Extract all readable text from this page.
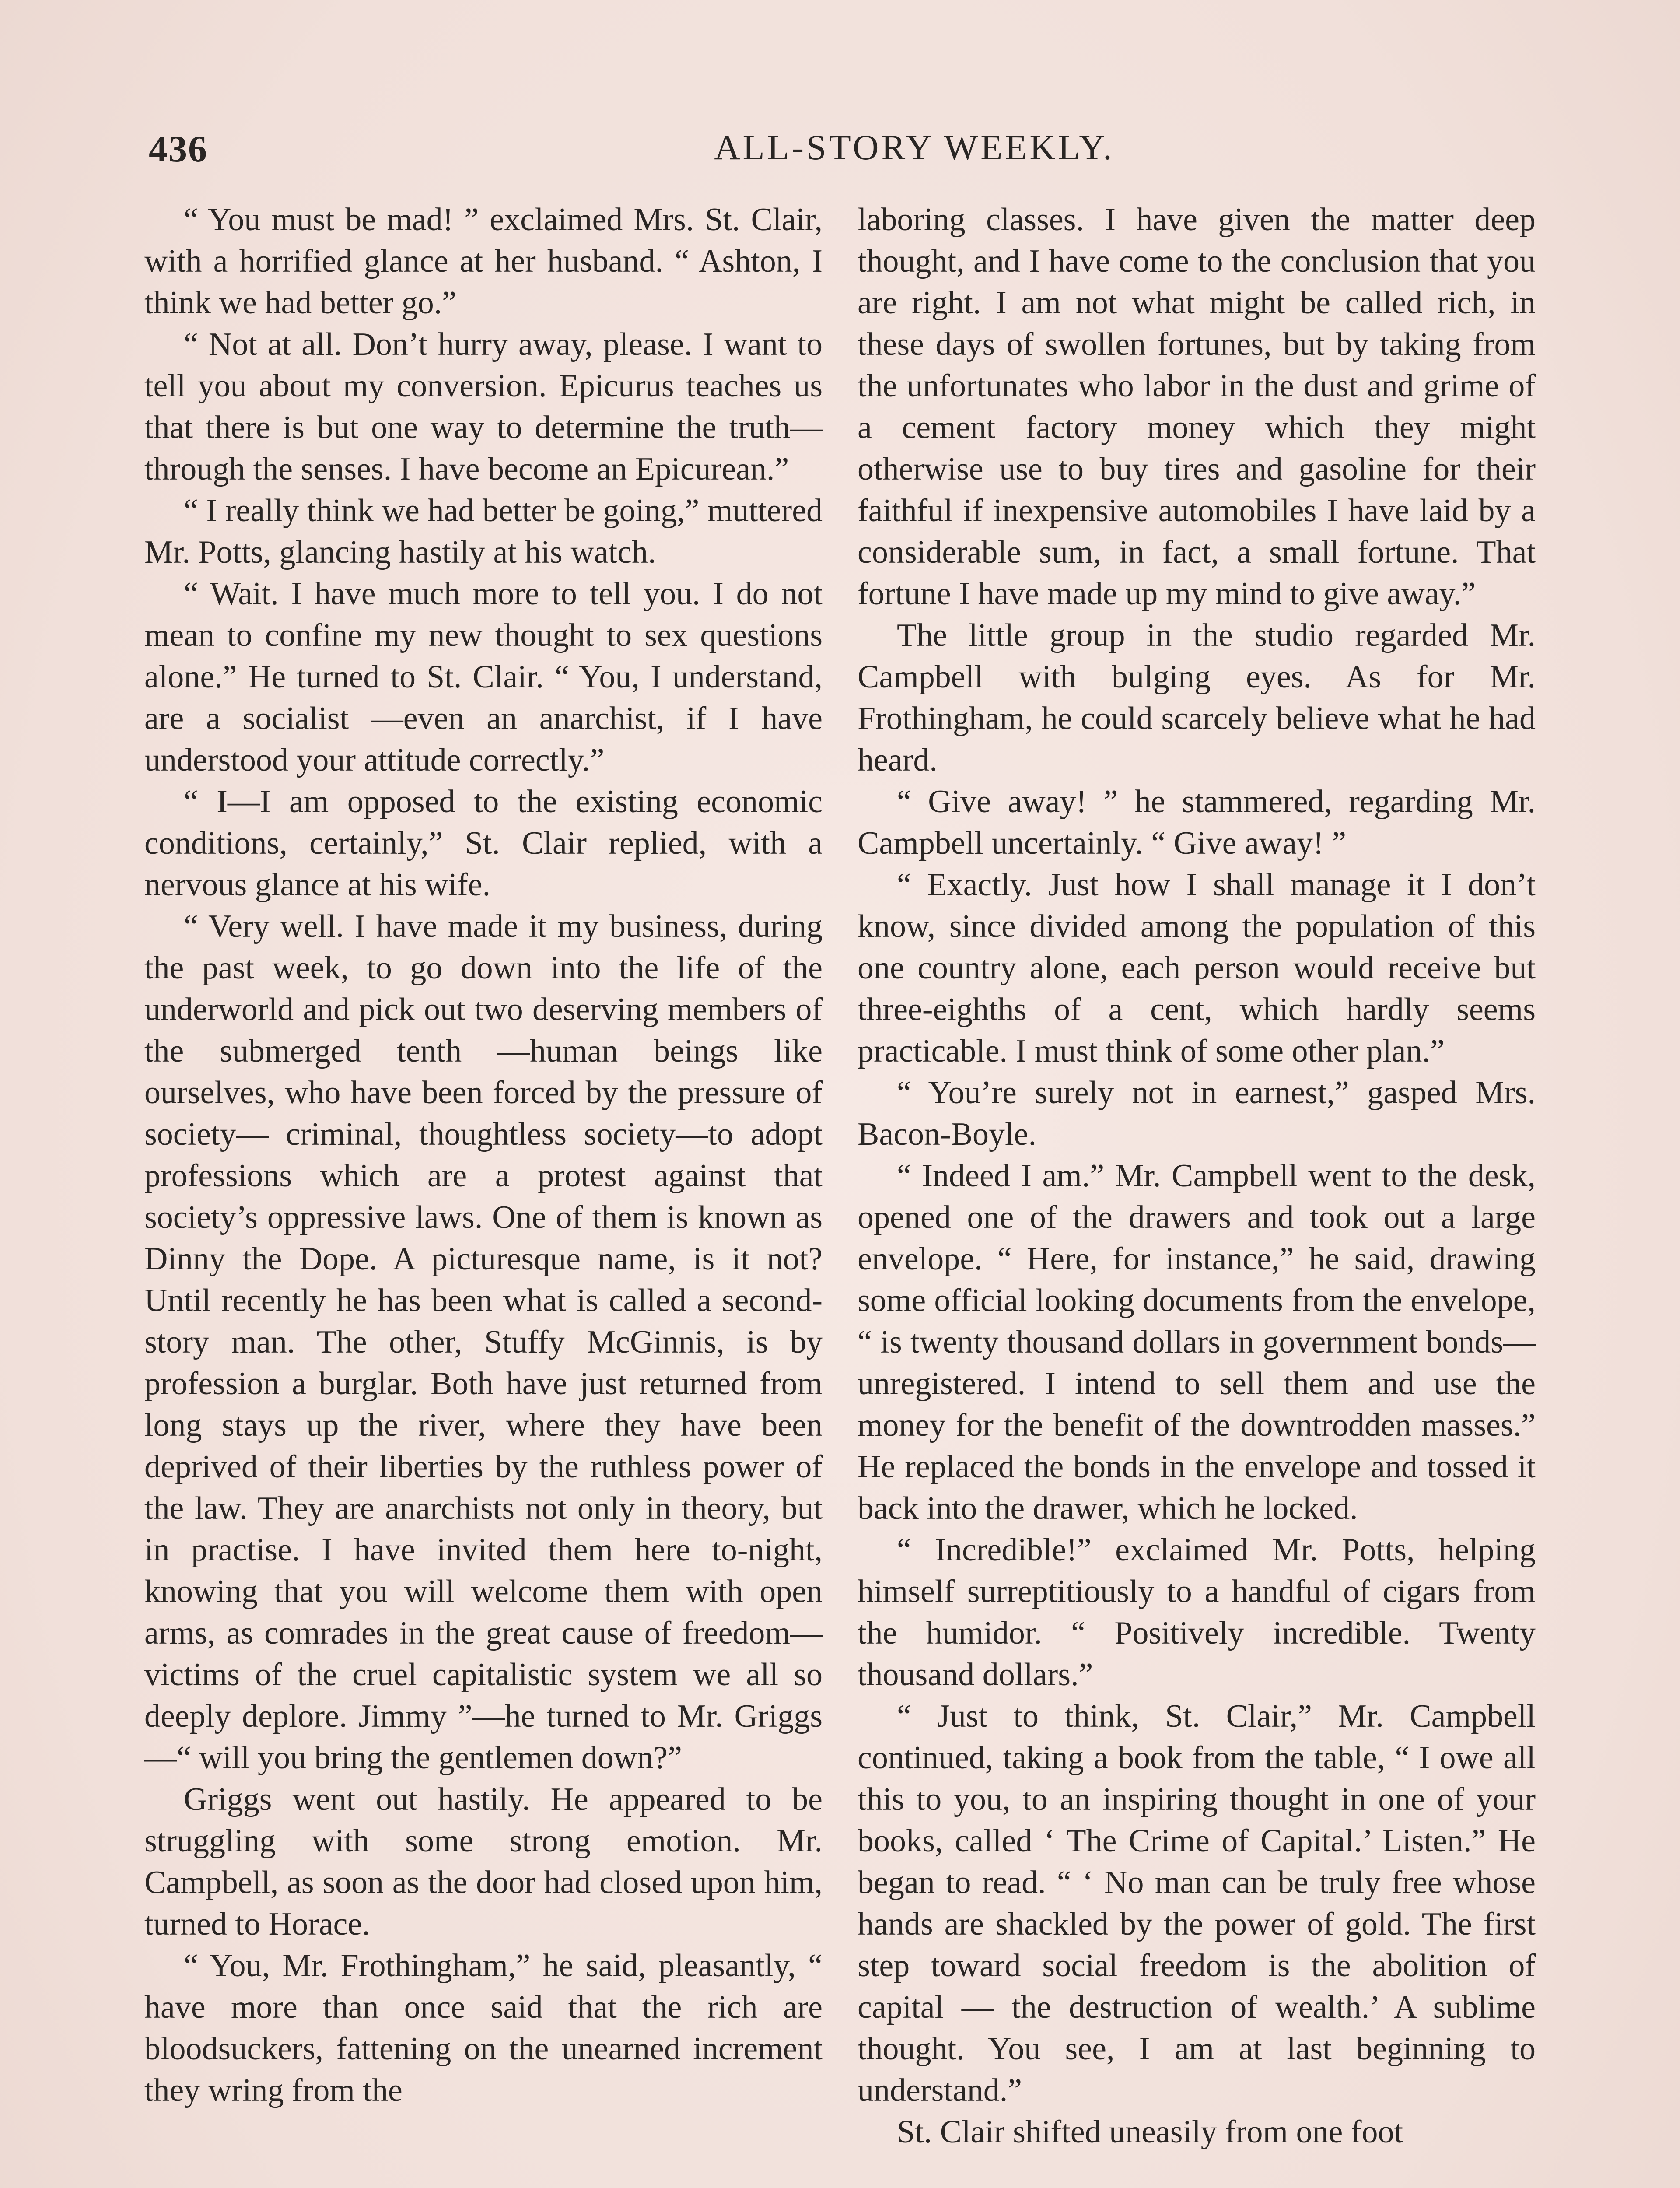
436	ALL-STORY WEEKLY.

“ You must be mad! ” exclaimed Mrs. St. Clair, with a horrified glance at her husband. “ Ashton, I think we had better go.”

“ Not at all. Don’t hurry away, please. I want to tell you about my conversion. Epicurus teaches us that there is but one way to determine the truth—through the senses. I have become an Epicurean.”

“ I really think we had better be going,” muttered Mr. Potts, glancing hastily at his watch.

“ Wait. I have much more to tell you. I do not mean to confine my new thought to sex questions alone.” He turned to St. Clair. “ You, I understand, are a socialist —even an anarchist, if I have understood your attitude correctly.”

“ I—I am opposed to the existing economic conditions, certainly,” St. Clair replied, with a nervous glance at his wife.

“ Very well. I have made it my business, during the past week, to go down into the life of the underworld and pick out two deserving members of the submerged tenth —human beings like ourselves, who have been forced by the pressure of society— criminal, thoughtless society—to adopt professions which are a protest against that society’s oppressive laws. One of them is known as Dinny the Dope. A picturesque name, is it not? Until recently he has been what is called a second-story man. The other, Stuffy McGinnis, is by profession a burglar. Both have just returned from long stays up the river, where they have been deprived of their liberties by the ruthless power of the law. They are anarchists not only in theory, but in practise. I have invited them here to-night, knowing that you will welcome them with open arms, as comrades in the great cause of freedom— victims of the cruel capitalistic system we all so deeply deplore. Jimmy ”—he turned to Mr. Griggs—“ will you bring the gentlemen down?”

Griggs went out hastily. He appeared to be struggling with some strong emotion. Mr. Campbell, as soon as the door had closed upon him, turned to Horace.

“ You, Mr. Frothingham,” he said, pleasantly, “ have more than once said that the rich are bloodsuckers, fattening on the unearned increment they wring from the

laboring classes. I have given the matter deep thought, and I have come to the conclusion that you are right. I am not what might be called rich, in these days of swollen fortunes, but by taking from the unfortunates who labor in the dust and grime of a cement factory money which they might otherwise use to buy tires and gasoline for their faithful if inexpensive automobiles I have laid by a considerable sum, in fact, a small fortune. That fortune I have made up my mind to give away.”

The little group in the studio regarded Mr. Campbell with bulging eyes. As for Mr. Frothingham, he could scarcely believe what he had heard.

“ Give away! ” he stammered, regarding Mr. Campbell uncertainly. “ Give away! ”

“ Exactly. Just how I shall manage it I don’t know, since divided among the population of this one country alone, each person would receive but three-eighths of a cent, which hardly seems practicable. I must think of some other plan.”

“ You’re surely not in earnest,” gasped Mrs. Bacon-Boyle.

“ Indeed I am.” Mr. Campbell went to the desk, opened one of the drawers and took out a large envelope. “ Here, for instance,” he said, drawing some official looking documents from the envelope, “ is twenty thousand dollars in government bonds— unregistered. I intend to sell them and use the money for the benefit of the downtrodden masses.” He replaced the bonds in the envelope and tossed it back into the drawer, which he locked.

“ Incredible!” exclaimed Mr. Potts, helping himself surreptitiously to a handful of cigars from the humidor. “ Positively incredible. Twenty thousand dollars.”

“ Just to think, St. Clair,” Mr. Campbell continued, taking a book from the table, “ I owe all this to you, to an inspiring thought in one of your books, called ‘ The Crime of Capital.’ Listen.” He began to read. “ ‘ No man can be truly free whose hands are shackled by the power of gold. The first step toward social freedom is the abolition of capital — the destruction of wealth.’ A sublime thought. You see, I am at last beginning to understand.”

St. Clair shifted uneasily from one foot
